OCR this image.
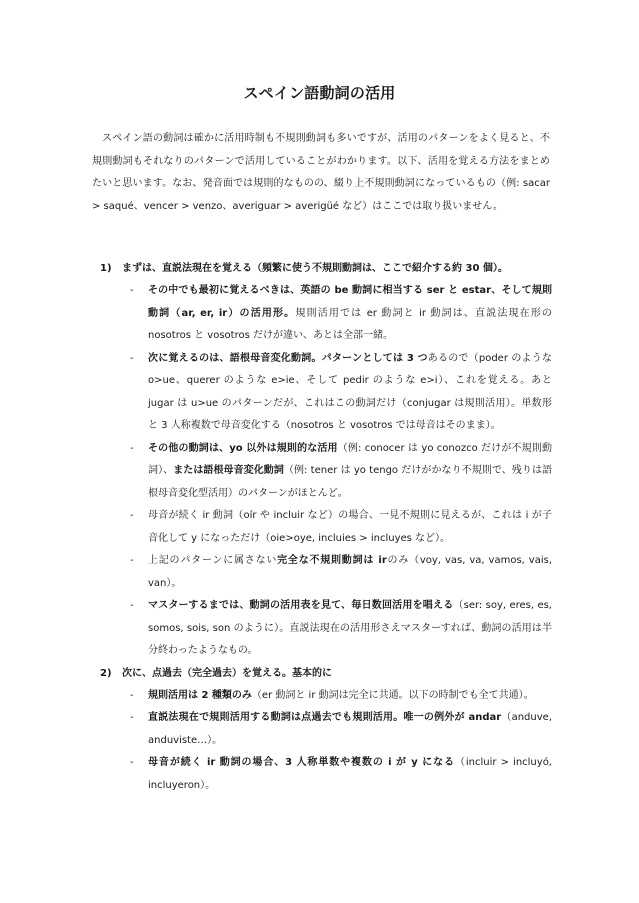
スペイン語動詞の活用

スペイン語の動詞は確かに活用時制も不規則動詞も多いですが、活用のパターンをよく見ると、不規則動詞もそれなりのパターンで活用していることがわかります。以下、活用を覚える方法をまとめたいと思います。なお、発音面では規則的なものの、綴り上不規則動詞になっているもの（例: sacar > saqué、vencer > venzo、averiguar > averigüé など）はここでは取り扱いません。

1) まずは、直説法現在を覚える（頻繁に使う不規則動詞は、ここで紹介する約 30 個）。
- その中でも最初に覚えるべきは、英語の be 動詞に相当する ser と estar、そして規則動詞（ar, er, ir）の活用形。規則活用では er 動詞と ir 動詞は、直説法現在形の nosotros と vosotros だけが違い、あとは全部一緒。
- 次に覚えるのは、語根母音変化動詞。パターンとしては 3 つあるので（poder のような o>ue、querer のような e>ie、そして pedir のような e>i）、これを覚える。あと jugar は u>ue のパターンだが、これはこの動詞だけ（conjugar は規則活用）。単数形と 3 人称複数で母音変化する（nosotros と vosotros では母音はそのまま）。
- その他の動詞は、yo 以外は規則的な活用（例: conocer は yo conozco だけが不規則動詞）、または語根母音変化動詞（例: tener は yo tengo だけがかなり不規則で、残りは語根母音変化型活用）のパターンがほとんど。
- 母音が続く ir 動詞（oír や incluir など）の場合、一見不規則に見えるが、これは i が子音化して y になっただけ（oie>oye, incluies > incluyes など）。
- 上記のパターンに属さない完全な不規則動詞は irのみ（voy, vas, va, vamos, vais, van）。
- マスターするまでは、動詞の活用表を見て、毎日数回活用を唱える（ser: soy, eres, es, somos, sois, son のように）。直説法現在の活用形さえマスターすれば、動詞の活用は半分終わったようなもの。
2) 次に、点過去（完全過去）を覚える。基本的に
- 規則活用は 2 種類のみ（er 動詞と ir 動詞は完全に共通。以下の時制でも全て共通）。
- 直説法現在で規則活用する動詞は点過去でも規則活用。唯一の例外が andar（anduve, anduviste…）。
- 母音が続く ir 動詞の場合、3 人称単数や複数の i が y になる（incluir > incluyó, incluyeron）。
